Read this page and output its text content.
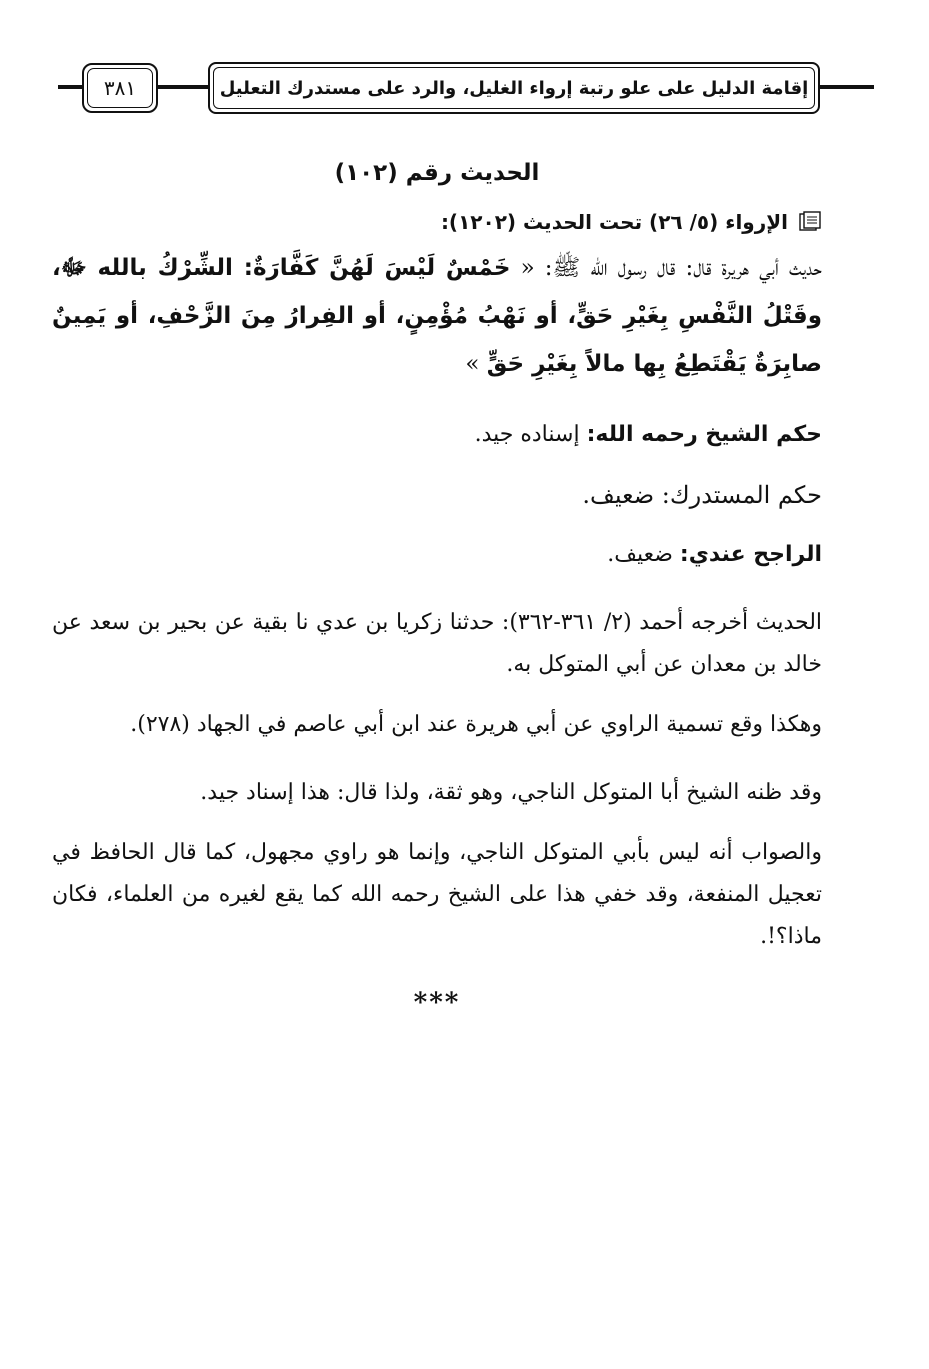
٣٨١	إقامة الدليل على علو رتبة إرواء الغليل، والرد على مستدرك التعليل
الحديث رقم (١٠٢)
الإرواء (٥/ ٢٦) تحت الحديث (١٢٠٢):

حديث أبي هريرة قال: قال رسول الله ﷺ: « خَمْسٌ لَيْسَ لَهُنَّ كَفَّارَةٌ: الشِّرْكُ بالله ﷻ، وقَتْلُ النَّفْسِ بِغَيْرِ حَقٍّ، أو نَهْبُ مُؤْمِنٍ، أو الفِرارُ مِنَ الزَّحْفِ، أو يَمِينٌ صابِرَةٌ يَقْتَطِعُ بِها مالاً بِغَيْرِ حَقٍّ »

حكم الشيخ رحمه الله: إسناده جيد.

حكم المستدرك: ضعيف.

الراجح عندي: ضعيف.

الحديث أخرجه أحمد (٢/ ٣٦١-٣٦٢): حدثنا زكريا بن عدي نا بقية عن بحير بن سعد عن خالد بن معدان عن أبي المتوكل به.

وهكذا وقع تسمية الراوي عن أبي هريرة عند ابن أبي عاصم في الجهاد (٢٧٨).

وقد ظنه الشيخ أبا المتوكل الناجي، وهو ثقة، ولذا قال: هذا إسناد جيد.

والصواب أنه ليس بأبي المتوكل الناجي، وإنما هو راوي مجهول، كما قال الحافظ في تعجيل المنفعة، وقد خفي هذا على الشيخ رحمه الله كما يقع لغيره من العلماء، فكان ماذا؟!.

***
